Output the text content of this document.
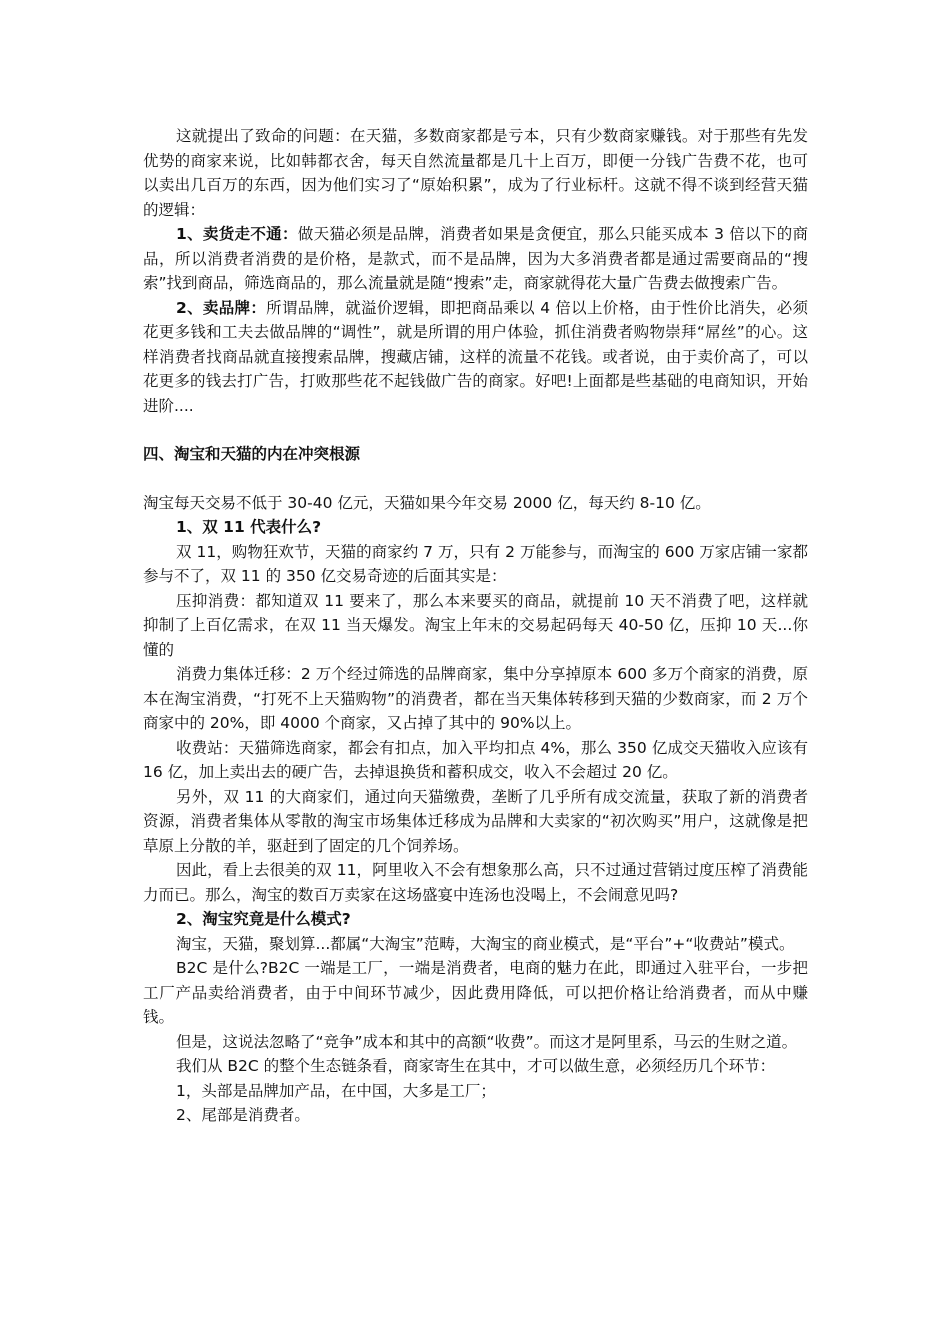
这就提出了致命的问题：在天猫，多数商家都是亏本，只有少数商家赚钱。对于那些有先发优势的商家来说，比如韩都衣舍，每天自然流量都是几十上百万，即便一分钱广告费不花，也可以卖出几百万的东西，因为他们实习了“原始积累”，成为了行业标杆。这就不得不谈到经营天猫的逻辑：

1、卖货走不通：做天猫必须是品牌，消费者如果是贪便宜，那么只能买成本 3 倍以下的商品，所以消费者消费的是价格，是款式，而不是品牌，因为大多消费者都是通过需要商品的“搜索”找到商品，筛选商品的，那么流量就是随“搜索”走，商家就得花大量广告费去做搜索广告。

2、卖品牌：所谓品牌，就溢价逻辑，即把商品乘以 4 倍以上价格，由于性价比消失，必须花更多钱和工夫去做品牌的“调性”，就是所谓的用户体验，抓住消费者购物崇拜“屌丝”的心。这样消费者找商品就直接搜索品牌，搜藏店铺，这样的流量不花钱。或者说，由于卖价高了，可以花更多的钱去打广告，打败那些花不起钱做广告的商家。好吧!上面都是些基础的电商知识，开始进阶....

四、淘宝和天猫的内在冲突根源

淘宝每天交易不低于 30-40 亿元，天猫如果今年交易 2000 亿，每天约 8-10 亿。

1、双 11 代表什么?

双 11，购物狂欢节，天猫的商家约 7 万，只有 2 万能参与，而淘宝的 600 万家店铺一家都参与不了，双 11 的 350 亿交易奇迹的后面其实是：

压抑消费：都知道双 11 要来了，那么本来要买的商品，就提前 10 天不消费了吧，这样就抑制了上百亿需求，在双 11 当天爆发。淘宝上年末的交易起码每天 40-50 亿，压抑 10 天...你懂的

消费力集体迁移：2 万个经过筛选的品牌商家，集中分享掉原本 600 多万个商家的消费，原本在淘宝消费，“打死不上天猫购物”的消费者，都在当天集体转移到天猫的少数商家，而 2 万个商家中的 20%，即 4000 个商家，又占掉了其中的 90%以上。

收费站：天猫筛选商家，都会有扣点，加入平均扣点 4%，那么 350 亿成交天猫收入应该有 16 亿，加上卖出去的硬广告，去掉退换货和蓄积成交，收入不会超过 20 亿。

另外，双 11 的大商家们，通过向天猫缴费，垄断了几乎所有成交流量，获取了新的消费者资源，消费者集体从零散的淘宝市场集体迁移成为品牌和大卖家的“初次购买”用户，这就像是把草原上分散的羊，驱赶到了固定的几个饲养场。

因此，看上去很美的双 11，阿里收入不会有想象那么高，只不过通过营销过度压榨了消费能力而已。那么，淘宝的数百万卖家在这场盛宴中连汤也没喝上，不会闹意见吗?

2、淘宝究竟是什么模式?

淘宝，天猫，聚划算...都属“大淘宝”范畴，大淘宝的商业模式，是“平台”+“收费站”模式。

B2C 是什么?B2C 一端是工厂，一端是消费者，电商的魅力在此，即通过入驻平台，一步把工厂产品卖给消费者，由于中间环节减少，因此费用降低，可以把价格让给消费者，而从中赚钱。

但是，这说法忽略了“竞争”成本和其中的高额“收费”。而这才是阿里系，马云的生财之道。

我们从 B2C 的整个生态链条看，商家寄生在其中，才可以做生意，必须经历几个环节：

1，头部是品牌加产品，在中国，大多是工厂；

2、尾部是消费者。
